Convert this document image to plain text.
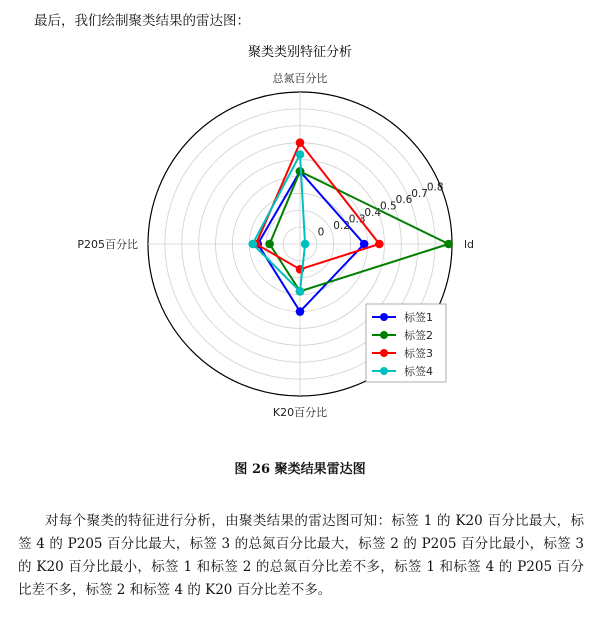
最后，我们绘制聚类结果的雷达图：
聚类类别特征分析
ld
总氮百分比
P205百分比
K20百分比
0
0.2
0.3
0.4
0.5
0.6
0.7
0.8
标签1
标签2
标签3
标签4
图 26 聚类结果雷达图
对每个聚类的特征进行分析，由聚类结果的雷达图可知：标签 1 的 K20 百分比最大，标签 4 的 P205 百分比最大，标签 3 的总氮百分比最大，标签 2 的 P205 百分比最小，标签 3 的 K20 百分比最小，标签 1 和标签 2 的总氮百分比差不多，标签 1 和标签 4 的 P205 百分比差不多，标签 2 和标签 4 的 K20 百分比差不多。
